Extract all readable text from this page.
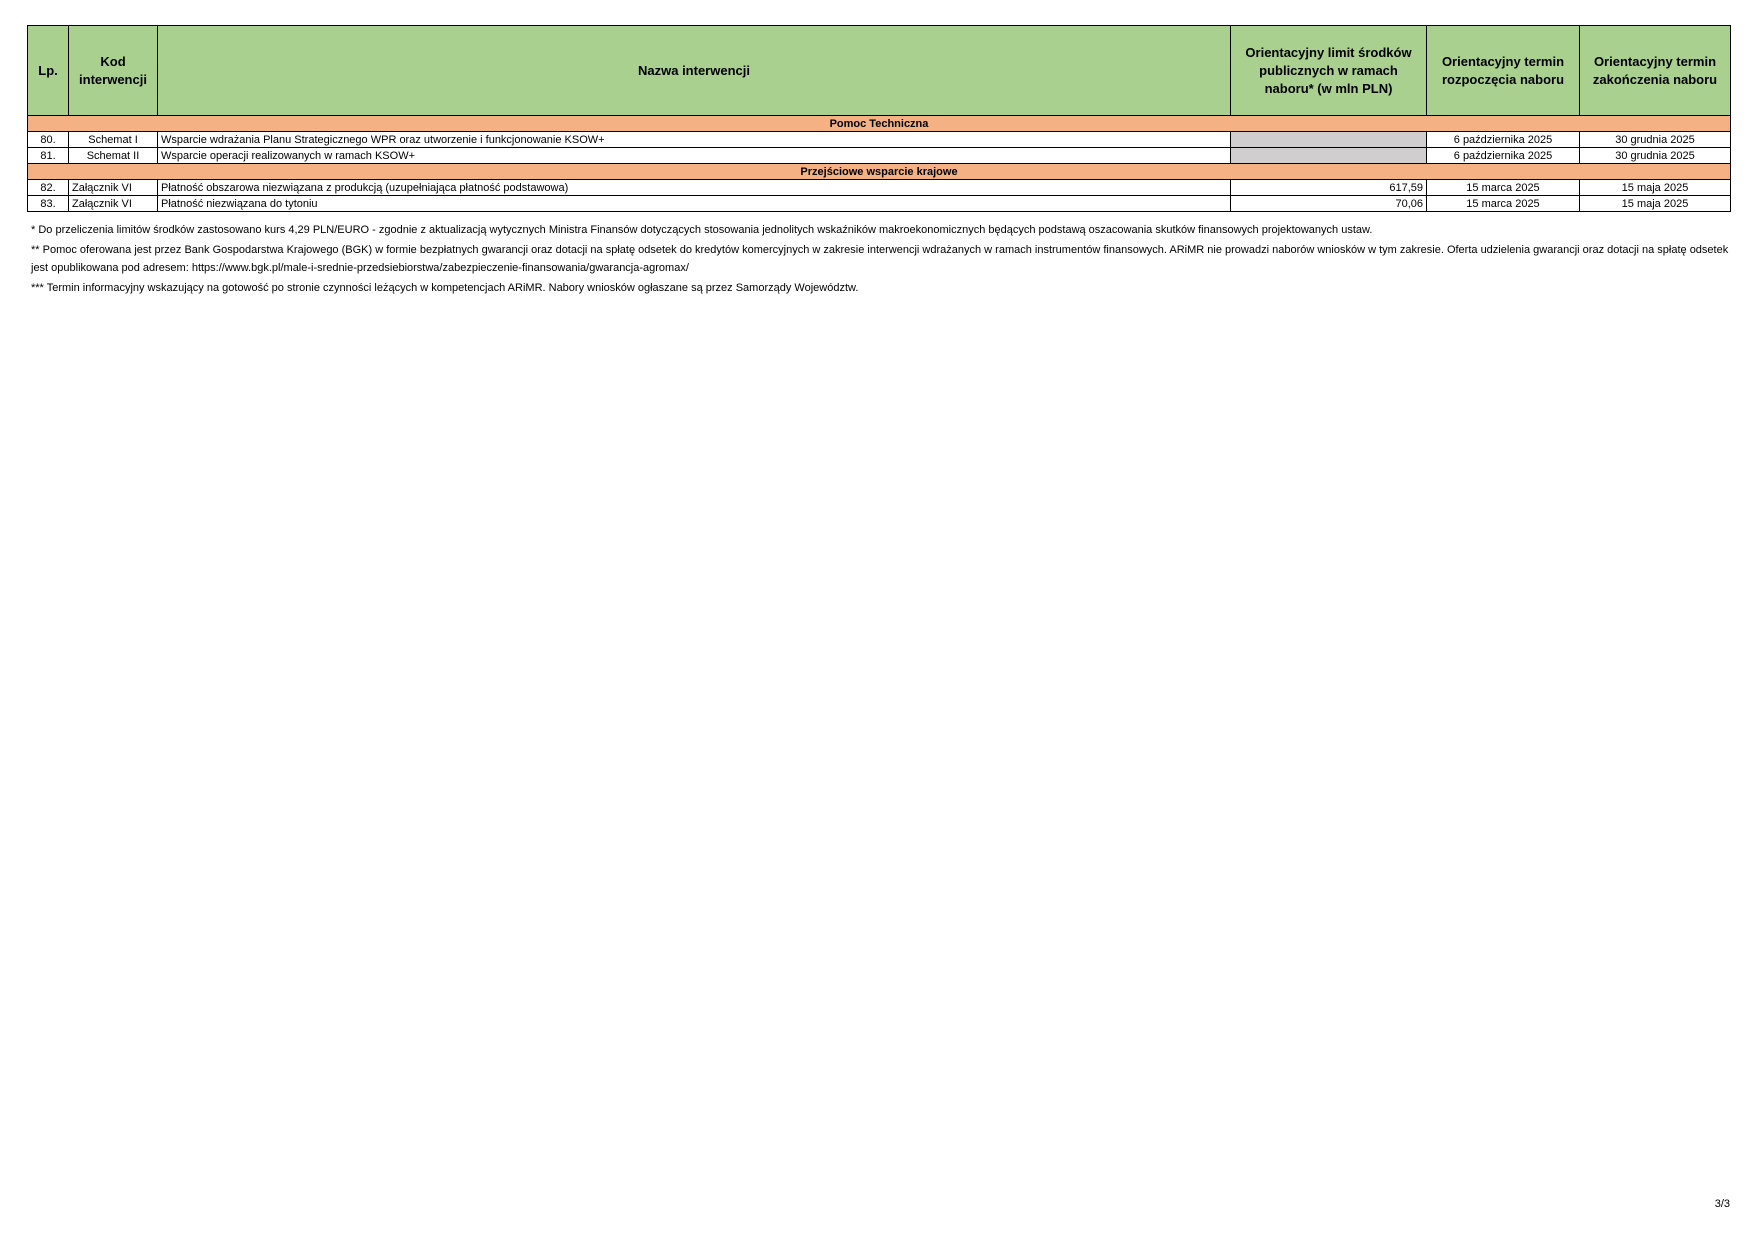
Lp.	Kod interwencji	Nazwa interwencji	Orientacyjny limit środków publicznych w ramach naboru* (w mln PLN)	Orientacyjny termin rozpoczęcia naboru	Orientacyjny termin zakończenia naboru
Pomoc Techniczna					
80.	Schemat I	Wsparcie wdrażania Planu Strategicznego WPR oraz utworzenie i funkcjonowanie KSOW+		6 października 2025	30 grudnia 2025
81.	Schemat II	Wsparcie operacji realizowanych w ramach KSOW+		6 października 2025	30 grudnia 2025
Przejściowe wsparcie krajowe					
82.	Załącznik VI	Płatność obszarowa niezwiązana z produkcją (uzupełniająca płatność podstawowa)	617,59	15 marca 2025	15 maja 2025
83.	Załącznik VI	Płatność niezwiązana do tytoniu	70,06	15 marca 2025	15 maja 2025

* Do przeliczenia limitów środków zastosowano kurs 4,29 PLN/EURO - zgodnie z aktualizacją wytycznych Ministra Finansów dotyczących stosowania jednolitych wskaźników makroekonomicznych będących podstawą oszacowania skutków finansowych projektowanych ustaw.

** Pomoc oferowana jest przez Bank Gospodarstwa Krajowego (BGK) w formie bezpłatnych gwarancji oraz dotacji na spłatę odsetek do kredytów komercyjnych w zakresie interwencji wdrażanych w ramach instrumentów finansowych. ARiMR nie prowadzi naborów wniosków w tym zakresie. Oferta udzielenia gwarancji oraz dotacji na spłatę odsetek jest opublikowana pod adresem: https://www.bgk.pl/male-i-srednie-przedsiebiorstwa/zabezpieczenie-finansowania/gwarancja-agromax/

*** Termin informacyjny wskazujący na gotowość po stronie czynności leżących w kompetencjach ARiMR. Nabory wniosków ogłaszane są przez Samorządy Województw.

3/3
